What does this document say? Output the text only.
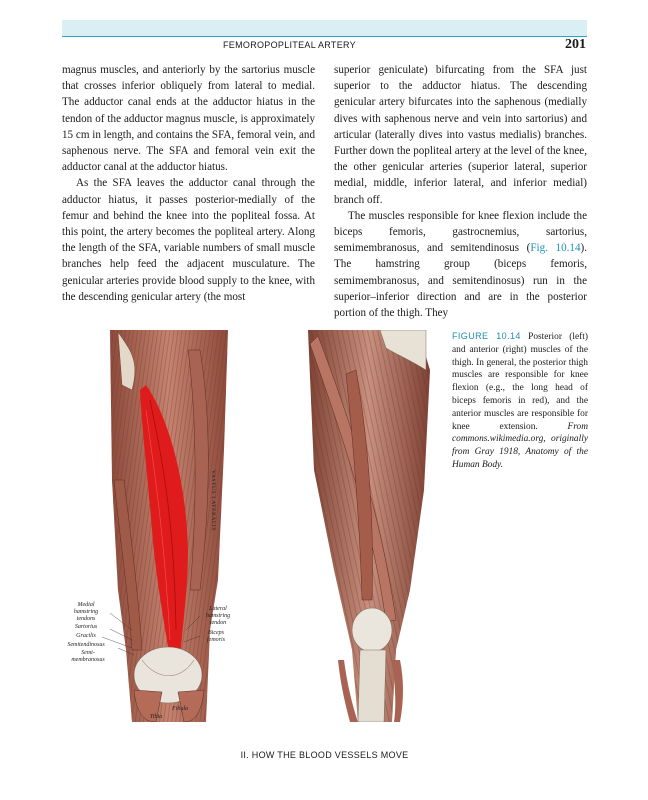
FEMOROPOPLITEAL ARTERY	201

magnus muscles, and anteriorly by the sartorius muscle that crosses inferior obliquely from lateral to medial. The adductor canal ends at the adductor hiatus in the tendon of the adductor magnus muscle, is approximately 15 cm in length, and contains the SFA, femoral vein, and saphenous nerve. The SFA and femoral vein exit the adductor canal at the adductor hiatus.

As the SFA leaves the adductor canal through the adductor hiatus, it passes posterior-medially of the femur and behind the knee into the popliteal fossa. At this point, the artery becomes the popliteal artery. Along the length of the SFA, variable numbers of small muscle branches help feed the adjacent musculature. The genicular arteries provide blood supply to the knee, with the descending genicular artery (the most

superior geniculate) bifurcating from the SFA just superior to the adductor hiatus. The descending genicular artery bifurcates into the saphenous (medially dives with saphenous nerve and vein into sartorius) and articular (laterally dives into vastus medialis) branches. Further down the popliteal artery at the level of the knee, the other genicular arteries (superior lateral, superior medial, middle, inferior lateral, and inferior medial) branch off.

The muscles responsible for knee flexion include the biceps femoris, gastrocnemius, sartorius, semimembranosus, and semitendinosus (Fig. 10.14). The hamstring group (biceps femoris, semimembranosus, and semitendinosus) run in the superior–inferior direction and are in the posterior portion of the thigh. They

VASTUS LATERALIS
Medial
hamstring
tendons
Sartorius
Gracilis
Semitendinosus
Semi-
membranosus
Lateral
hamstring
tendon
Biceps
femoris
Tibia
Fibula
FIGURE 10.14 Posterior (left) and anterior (right) muscles of the thigh. In general, the posterior thigh muscles are responsible for knee flexion (e.g., the long head of biceps femoris in red), and the anterior muscles are responsible for knee extension.	From commons.wikimedia.org, originally from Gray 1918, Anatomy of the Human Body.
II. HOW THE BLOOD VESSELS MOVE
